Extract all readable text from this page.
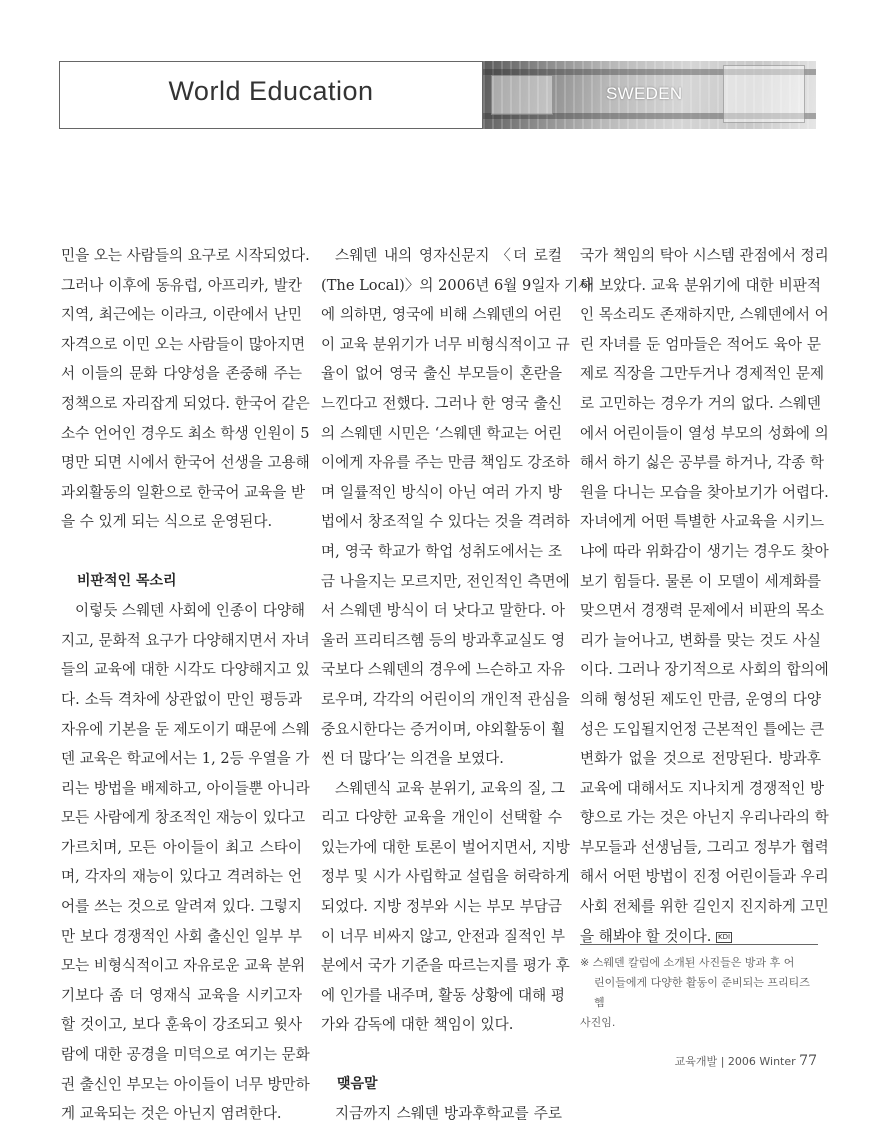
World Education	SWEDEN

민을 오는 사람들의 요구로 시작되었다.
그러나 이후에 동유럽, 아프리카, 발칸
지역, 최근에는 이라크, 이란에서 난민
자격으로 이민 오는 사람들이 많아지면
서 이들의 문화 다양성을 존중해 주는
정책으로 자리잡게 되었다. 한국어 같은
소수 언어인 경우도 최소 학생 인원이 5
명만 되면 시에서 한국어 선생을 고용해
과외활동의 일환으로 한국어 교육을 받
을 수 있게 되는 식으로 운영된다.

비판적인 목소리

이렇듯 스웨덴 사회에 인종이 다양해
지고, 문화적 요구가 다양해지면서 자녀
들의 교육에 대한 시각도 다양해지고 있
다. 소득 격차에 상관없이 만인 평등과
자유에 기본을 둔 제도이기 때문에 스웨
덴 교육은 학교에서는 1, 2등 우열을 가
리는 방법을 배제하고, 아이들뿐 아니라
모든 사람에게 창조적인 재능이 있다고
가르치며, 모든 아이들이 최고 스타이
며, 각자의 재능이 있다고 격려하는 언
어를 쓰는 것으로 알려져 있다. 그렇지
만 보다 경쟁적인 사회 출신인 일부 부
모는 비형식적이고 자유로운 교육 분위
기보다 좀 더 영재식 교육을 시키고자
할 것이고, 보다 훈육이 강조되고 윗사
람에 대한 공경을 미덕으로 여기는 문화
권 출신인 부모는 아이들이 너무 방만하
게 교육되는 것은 아닌지 염려한다.

스웨덴 내의 영자신문지 〈더 로컬
(The Local)〉의 2006년 6월 9일자 기사
에 의하면, 영국에 비해 스웨덴의 어린
이 교육 분위기가 너무 비형식적이고 규
율이 없어 영국 출신 부모들이 혼란을
느낀다고 전했다. 그러나 한 영국 출신
의 스웨덴 시민은 ‘스웨덴 학교는 어린
이에게 자유를 주는 만큼 책임도 강조하
며 일률적인 방식이 아닌 여러 가지 방
법에서 창조적일 수 있다는 것을 격려하
며, 영국 학교가 학업 성취도에서는 조
금 나을지는 모르지만, 전인적인 측면에
서 스웨덴 방식이 더 낫다고 말한다. 아
울러 프리티즈헴 등의 방과후교실도 영
국보다 스웨덴의 경우에 느슨하고 자유
로우며, 각각의 어린이의 개인적 관심을
중요시한다는 증거이며, 야외활동이 훨
씬 더 많다’는 의견을 보였다.

스웨덴식 교육 분위기, 교육의 질, 그
리고 다양한 교육을 개인이 선택할 수
있는가에 대한 토론이 벌어지면서, 지방
정부 및 시가 사립학교 설립을 허락하게
되었다. 지방 정부와 시는 부모 부담금
이 너무 비싸지 않고, 안전과 질적인 부
분에서 국가 기준을 따르는지를 평가 후
에 인가를 내주며, 활동 상황에 대해 평
가와 감독에 대한 책임이 있다.

맺음말

지금까지 스웨덴 방과후학교를 주로

국가 책임의 탁아 시스템 관점에서 정리
해 보았다. 교육 분위기에 대한 비판적
인 목소리도 존재하지만, 스웨덴에서 어
린 자녀를 둔 엄마들은 적어도 육아 문
제로 직장을 그만두거나 경제적인 문제
로 고민하는 경우가 거의 없다. 스웨덴
에서 어린이들이 열성 부모의 성화에 의
해서 하기 싫은 공부를 하거나, 각종 학
원을 다니는 모습을 찾아보기가 어렵다.
자녀에게 어떤 특별한 사교육을 시키느
냐에 따라 위화감이 생기는 경우도 찾아
보기 힘들다. 물론 이 모델이 세계화를
맞으면서 경쟁력 문제에서 비판의 목소
리가 늘어나고, 변화를 맞는 것도 사실
이다. 그러나 장기적으로 사회의 합의에
의해 형성된 제도인 만큼, 운영의 다양
성은 도입될지언정 근본적인 틀에는 큰
변화가 없을 것으로 전망된다. 방과후
교육에 대해서도 지나치게 경쟁적인 방
향으로 가는 것은 아닌지 우리나라의 학
부모들과 선생님들, 그리고 정부가 협력
해서 어떤 방법이 진정 어린이들과 우리
사회 전체를 위한 길인지 진지하게 고민
을 해봐야 할 것이다. KDI

※ 스웨덴 칼럼에 소개된 사진들은 방과 후 어
린이들에게 다양한 활동이 준비되는 프리티즈헴
사진임.
교육개발 | 2006 Winter 77
